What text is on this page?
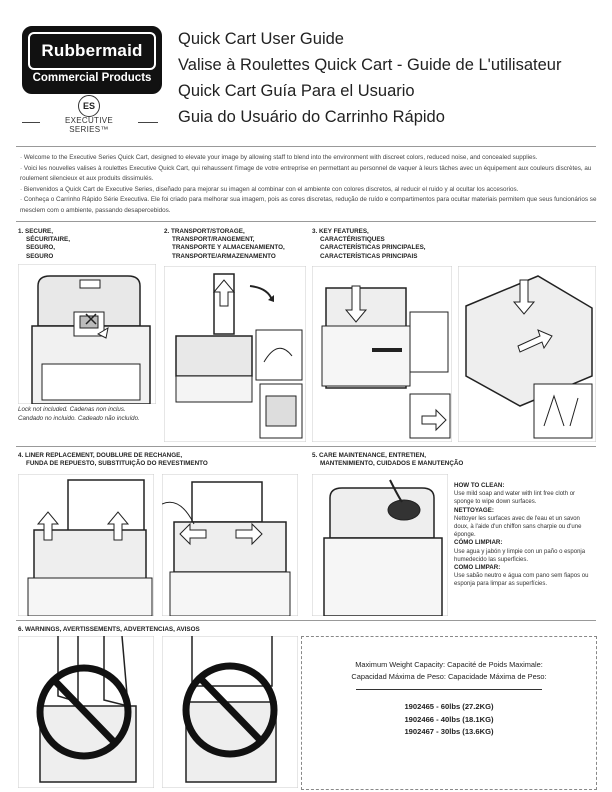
Rubbermaid
Commercial Products
ES
EXECUTIVE
SERIES™
Quick Cart User Guide
Valise à Roulettes Quick Cart - Guide de L'utilisateur
Quick Cart Guía Para el Usuario
Guia do Usuário do Carrinho Rápido

· Welcome to the Executive Series Quick Cart, designed to elevate your image by allowing staff to blend into the environment with discreet colors, reduced noise, and concealed supplies.

· Voici les nouvelles valises à roulettes Executive Quick Cart, qui rehaussent l'image de votre entreprise en permettant au personnel de vaquer à leurs tâches avec un équipement aux couleurs discrètes, au roulement silencieux et aux produits dissimulés.

· Bienvenidos a Quick Cart de Executive Series, diseñado para mejorar su imagen al combinar con el ambiente con colores discretos, al reducir el ruido y al ocultar los accesorios.

· Conheça o Carrinho Rápido Série Executiva. Ele foi criado para melhorar sua imagem, pois as cores discretas, redução de ruído e compartimentos para ocultar materiais permitem que seus funcionários se mesclem com o ambiente, passando desapercebidos.

1. SECURE,
SÉCURITAIRE,
SEGURO,
SEGURO
Lock not included. Cadenas non inclus.
Candado no incluido. Cadeado não incluído.
2. TRANSPORT/STORAGE,
TRANSPORT/RANGEMENT,
TRANSPORTE Y ALMACENAMIENTO,
TRANSPORTE/ARMAZENAMENTO
3. KEY FEATURES,
CARACTÉRISTIQUES
CARACTERÍSTICAS PRINCIPALES,
CARACTERÍSTICAS PRINCIPAIS
4. LINER REPLACEMENT, DOUBLURE DE RECHANGE,
FUNDA DE REPUESTO, SUBSTITUIÇÃO DO REVESTIMENTO
5. CARE MAINTENANCE, ENTRETIEN,
MANTENIMIENTO, CUIDADOS E MANUTENÇÃO
HOW TO CLEAN:
Use mild soap and water with lint free cloth or sponge to wipe down surfaces.
NETTOYAGE:
Nettoyer les surfaces avec de l'eau et un savon doux, à l'aide d'un chiffon sans charpie ou d'une éponge.
CÓMO LIMPIAR:
Use agua y jabón y limpie con un paño o esponja humedecido las superficies.
COMO LIMPAR:
Use sabão neutro e água com pano sem fiapos ou esponja para limpar as superfícies.
6. WARNINGS, AVERTISSEMENTS, ADVERTENCIAS, AVISOS
Maximum Weight Capacity: Capacité de Poids Maximale:
Capacidad Máxima de Peso: Capacidade Máxima de Peso:
1902465 - 60lbs (27.2KG)
1902466 - 40lbs (18.1KG)
1902467 - 30lbs (13.6KG)
